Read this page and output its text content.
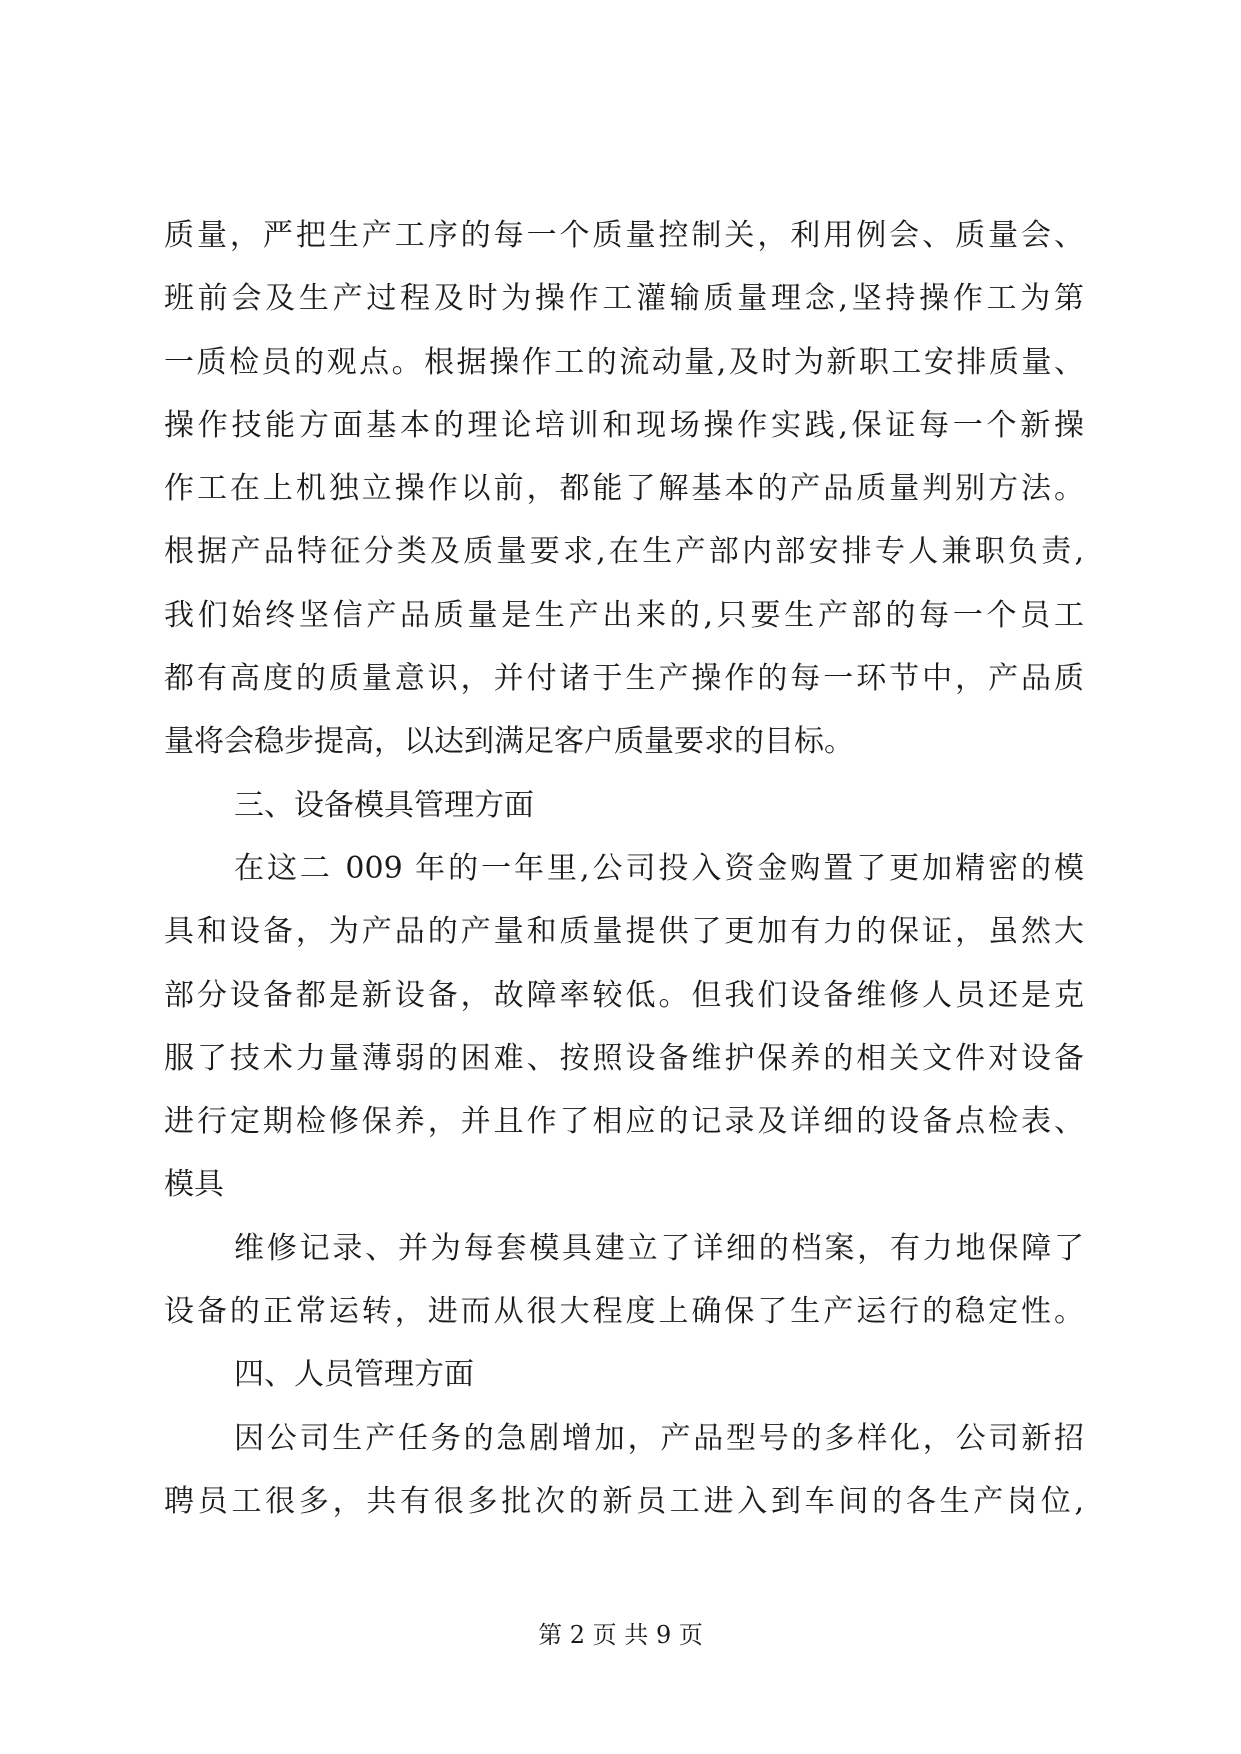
质量，严把生产工序的每一个质量控制关，利用例会、质量会、
班前会及生产过程及时为操作工灌输质量理念,坚持操作工为第
一质检员的观点。根据操作工的流动量,及时为新职工安排质量、
操作技能方面基本的理论培训和现场操作实践,保证每一个新操
作工在上机独立操作以前，都能了解基本的产品质量判别方法。
根据产品特征分类及质量要求,在生产部内部安排专人兼职负责,
我们始终坚信产品质量是生产出来的,只要生产部的每一个员工
都有高度的质量意识，并付诸于生产操作的每一环节中，产品质
量将会稳步提高，以达到满足客户质量要求的目标。
三、设备模具管理方面
在这二 009 年的一年里,公司投入资金购置了更加精密的模
具和设备，为产品的产量和质量提供了更加有力的保证，虽然大
部分设备都是新设备，故障率较低。但我们设备维修人员还是克
服了技术力量薄弱的困难、按照设备维护保养的相关文件对设备
进行定期检修保养，并且作了相应的记录及详细的设备点检表、
模具
维修记录、并为每套模具建立了详细的档案，有力地保障了
设备的正常运转，进而从很大程度上确保了生产运行的稳定性。
四、人员管理方面
因公司生产任务的急剧增加，产品型号的多样化，公司新招
聘员工很多，共有很多批次的新员工进入到车间的各生产岗位,
第 2 页 共 9 页
